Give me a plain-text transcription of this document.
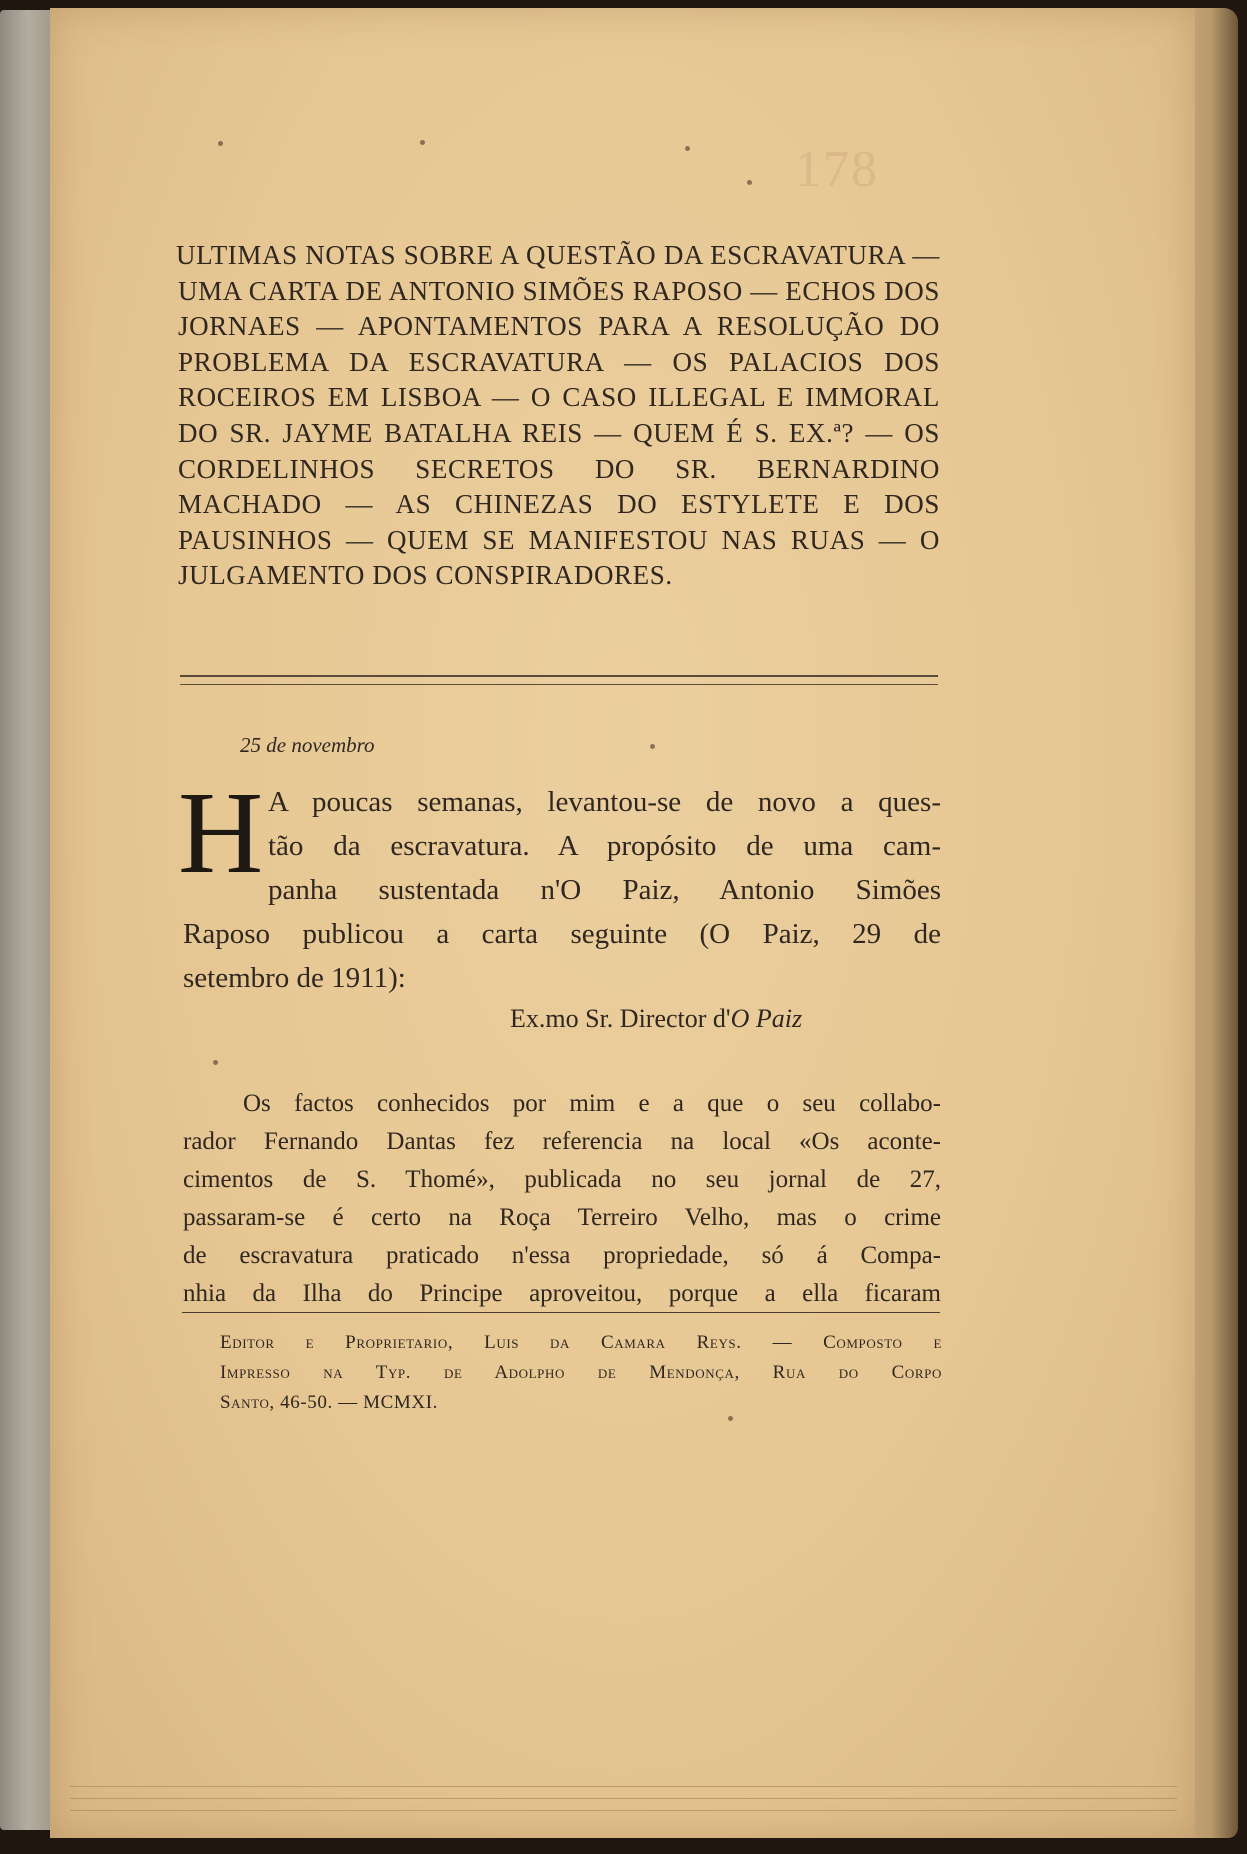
178
ULTIMAS NOTAS SOBRE A QUESTÃO DA ESCRAVATURA — UMA CARTA DE ANTONIO SIMÕES RAPOSO — ECHOS DOS JORNAES — APONTAMENTOS PARA A RESOLUÇÃO DO PROBLEMA DA ESCRAVATURA — OS PALACIOS DOS ROCEIROS EM LISBOA — O CASO ILLEGAL E IMMORAL DO SR. JAYME BATALHA REIS — QUEM É S. EX.ª? — OS CORDELINHOS SECRETOS DO SR. BERNARDINO MACHADO — AS CHINEZAS DO ESTYLETE E DOS PAUSINHOS — QUEM SE MANIFESTOU NAS RUAS — O JULGAMENTO DOS CONSPIRADORES.
25 de novembro
H A poucas semanas, levantou-se de novo a ques-
tão da escravatura. A propósito de uma cam-
panha sustentada n'O Paiz, Antonio Simões
Raposo publicou a carta seguinte (O Paiz, 29 de
setembro de 1911):
Ex.mo Sr. Director d'O Paiz
Os factos conhecidos por mim e a que o seu collabo-
rador Fernando Dantas fez referencia na local «Os aconte-
cimentos de S. Thomé», publicada no seu jornal de 27,
passaram-se é certo na Roça Terreiro Velho, mas o crime
de escravatura praticado n'essa propriedade, só á Compa-
nhia da Ilha do Principe aproveitou, porque a ella ficaram
Editor e Proprietario, Luis da Camara Reys. — Composto e
Impresso na Typ. de Adolpho de Mendonça, Rua do Corpo
Santo, 46-50. — MCMXI.
